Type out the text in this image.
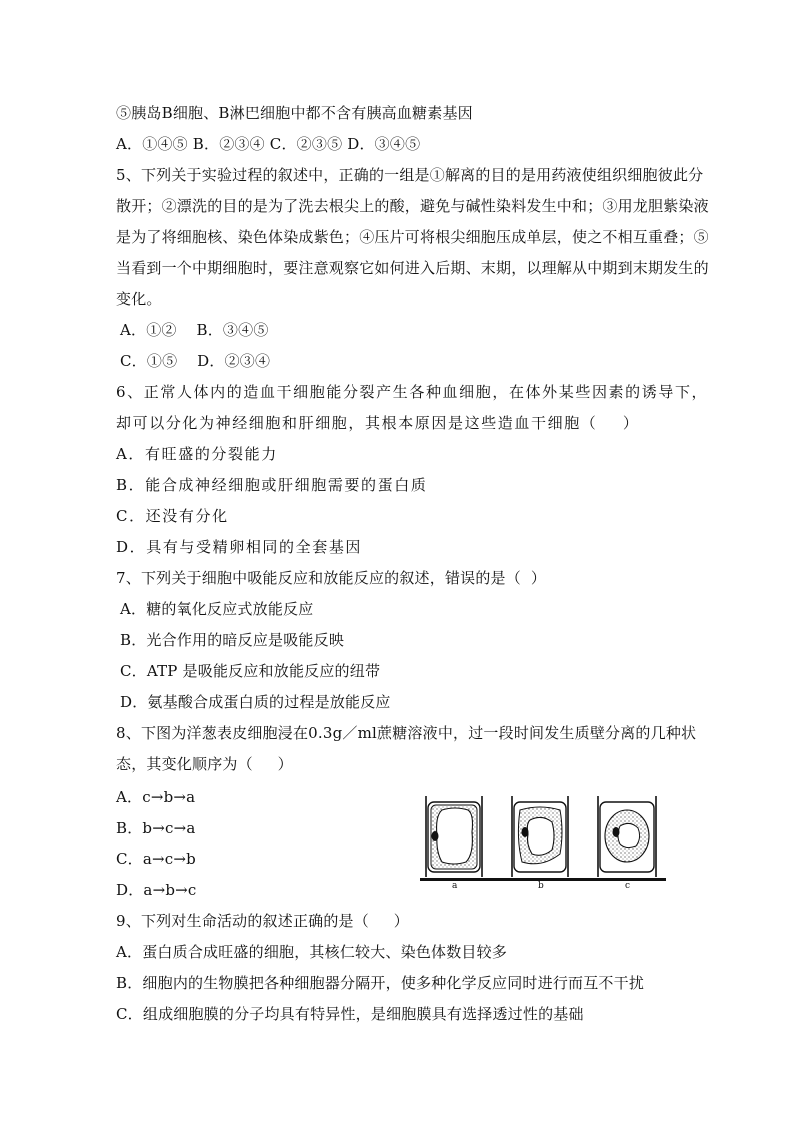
⑤胰岛B细胞、B淋巴细胞中都不含有胰高血糖素基因
A．①④⑤ B．②③④ C．②③⑤ D．③④⑤
5、下列关于实验过程的叙述中，正确的一组是①解离的目的是用药液使组织细胞彼此分
散开；②漂洗的目的是为了洗去根尖上的酸，避免与碱性染料发生中和；③用龙胆紫染液
是为了将细胞核、染色体染成紫色；④压片可将根尖细胞压成单层，使之不相互重叠；⑤
当看到一个中期细胞时，要注意观察它如何进入后期、末期，以理解从中期到末期发生的
变化。
A．①②    B．③④⑤
C．①⑤    D．②③④
6、正常人体内的造血干细胞能分裂产生各种血细胞，在体外某些因素的诱导下，
却可以分化为神经细胞和肝细胞，其根本原因是这些造血干细胞（    ）
A．有旺盛的分裂能力
B．能合成神经细胞或肝细胞需要的蛋白质
C．还没有分化
D．具有与受精卵相同的全套基因
7、下列关于细胞中吸能反应和放能反应的叙述，错误的是（  ）
A．糖的氧化反应式放能反应
B．光合作用的暗反应是吸能反映
C．ATP 是吸能反应和放能反应的纽带
D．氨基酸合成蛋白质的过程是放能反应
8、下图为洋葱表皮细胞浸在0.3g／ml蔗糖溶液中，过一段时间发生质壁分离的几种状
态，其变化顺序为（     ）
A．c→b→a
B．b→c→a
C．a→c→b
D．a→b→c	a	b	c
9、下列对生命活动的叙述正确的是（     ）
A．蛋白质合成旺盛的细胞，其核仁较大、染色体数目较多
B．细胞内的生物膜把各种细胞器分隔开，使多种化学反应同时进行而互不干扰
C．组成细胞膜的分子均具有特异性，是细胞膜具有选择透过性的基础
